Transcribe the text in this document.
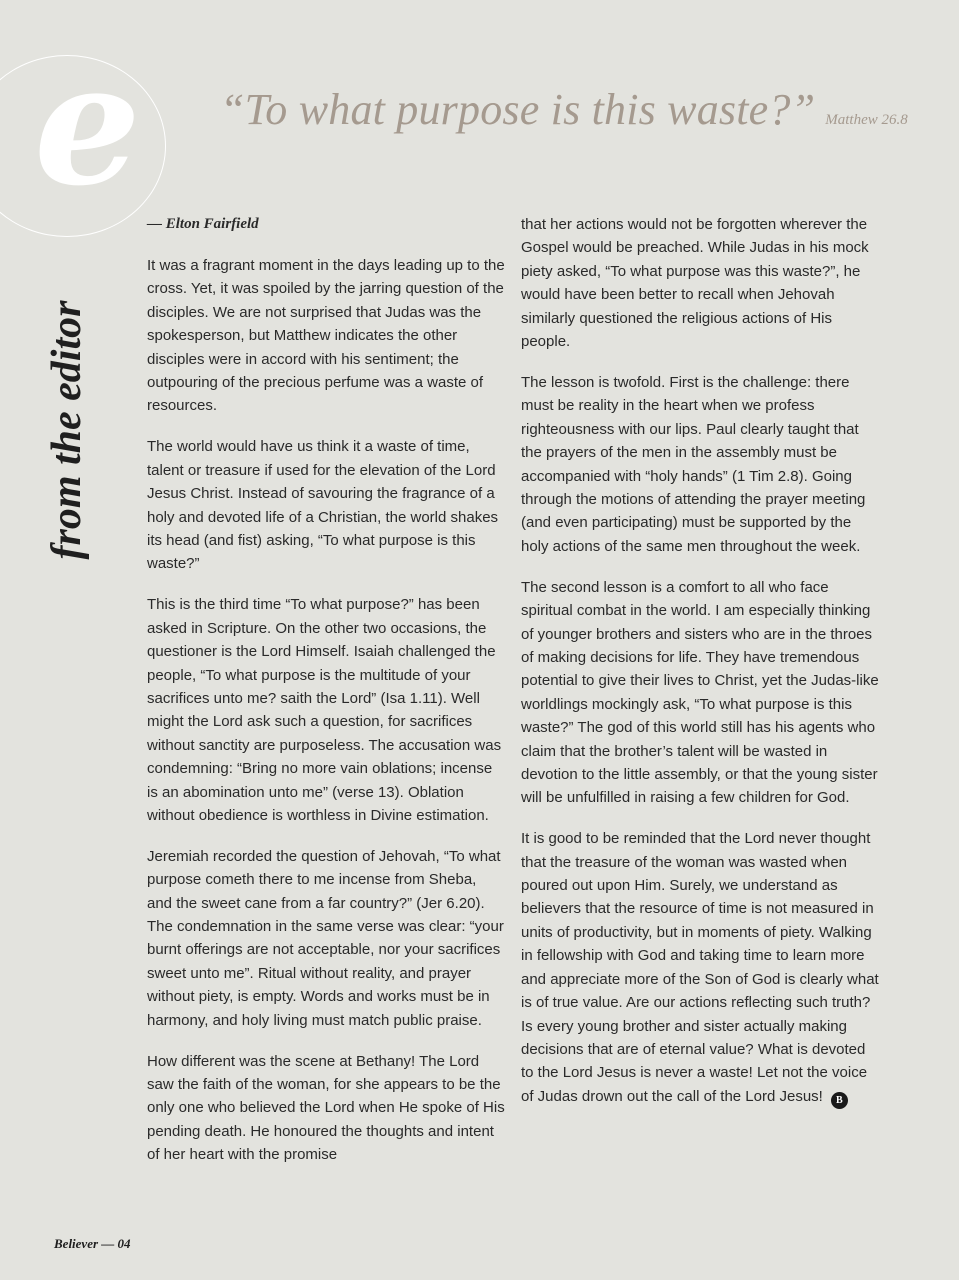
e “To what purpose is this waste?” Matthew 26.8
from the editor

— Elton Fairfield

It was a fragrant moment in the days leading up to the cross. Yet, it was spoiled by the jarring question of the disciples. We are not surprised that Judas was the spokesperson, but Matthew indicates the other disciples were in accord with his sentiment; the outpouring of the precious perfume was a waste of resources.

The world would have us think it a waste of time, talent or treasure if used for the elevation of the Lord Jesus Christ. Instead of savouring the fragrance of a holy and devoted life of a Christian, the world shakes its head (and fist) asking, “To what purpose is this waste?”

This is the third time “To what purpose?” has been asked in Scripture. On the other two occasions, the questioner is the Lord Himself. Isaiah challenged the people, “To what purpose is the multitude of your sacrifices unto me? saith the Lord” (Isa 1.11). Well might the Lord ask such a question, for sacrifices without sanctity are purposeless. The accusation was condemning: “Bring no more vain oblations; incense is an abomination unto me” (verse 13). Oblation without obedience is worthless in Divine estimation.

Jeremiah recorded the question of Jehovah, “To what purpose cometh there to me incense from Sheba, and the sweet cane from a far country?” (Jer 6.20). The condemnation in the same verse was clear: “your burnt offerings are not acceptable, nor your sacrifices sweet unto me”. Ritual without reality, and prayer without piety, is empty. Words and works must be in harmony, and holy living must match public praise.

How different was the scene at Bethany! The Lord saw the faith of the woman, for she appears to be the only one who believed the Lord when He spoke of His pending death. He honoured the thoughts and intent of her heart with the promise

that her actions would not be forgotten wherever the Gospel would be preached. While Judas in his mock piety asked, “To what purpose was this waste?”, he would have been better to recall when Jehovah similarly questioned the religious actions of His people.

The lesson is twofold. First is the challenge: there must be reality in the heart when we profess righteousness with our lips. Paul clearly taught that the prayers of the men in the assembly must be accompanied with “holy hands” (1 Tim 2.8). Going through the motions of attending the prayer meeting (and even participating) must be supported by the holy actions of the same men throughout the week.

The second lesson is a comfort to all who face spiritual combat in the world. I am especially thinking of younger brothers and sisters who are in the throes of making decisions for life. They have tremendous potential to give their lives to Christ, yet the Judas-like worldlings mockingly ask, “To what purpose is this waste?” The god of this world still has his agents who claim that the brother’s talent will be wasted in devotion to the little assembly, or that the young sister will be unfulfilled in raising a few children for God.

It is good to be reminded that the Lord never thought that the treasure of the woman was wasted when poured out upon Him. Surely, we understand as believers that the resource of time is not measured in units of productivity, but in moments of piety. Walking in fellowship with God and taking time to learn more and appreciate more of the Son of God is clearly what is of true value. Are our actions reflecting such truth? Is every young brother and sister actually making decisions that are of eternal value? What is devoted to the Lord Jesus is never a waste! Let not the voice of Judas drown out the call of the Lord Jesus! B

Believer — 04
